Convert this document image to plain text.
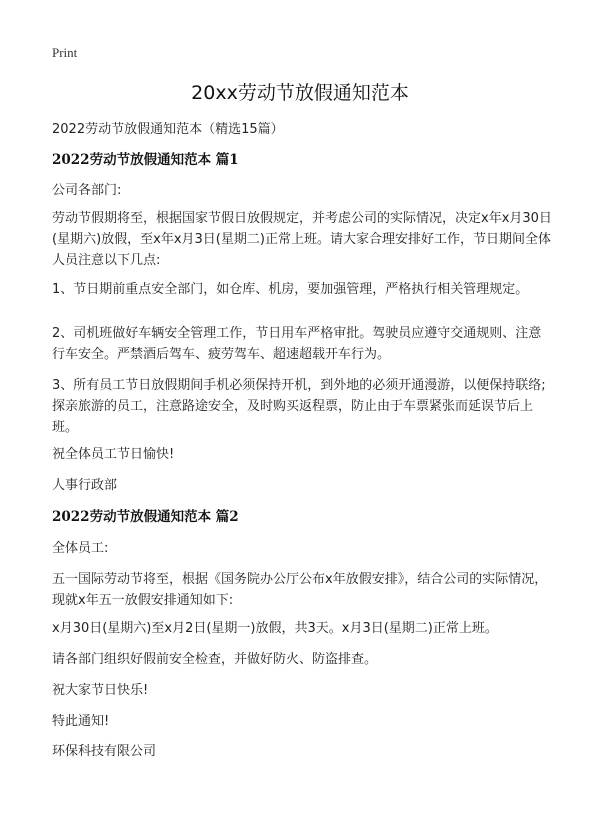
Print
20xx劳动节放假通知范本

2022劳动节放假通知范本（精选15篇）

2022劳动节放假通知范本 篇1

公司各部门:

劳动节假期将至，根据国家节假日放假规定，并考虑公司的实际情况，决定x年x月30日(星期六)放假，至x年x月3日(星期二)正常上班。请大家合理安排好工作，节日期间全体人员注意以下几点:

1、节日期前重点安全部门，如仓库、机房，要加强管理，严格执行相关管理规定。

2、司机班做好车辆安全管理工作，节日用车严格审批。驾驶员应遵守交通规则、注意行车安全。严禁酒后驾车、疲劳驾车、超速超载开车行为。

3、所有员工节日放假期间手机必须保持开机，到外地的必须开通漫游，以便保持联络;探亲旅游的员工，注意路途安全，及时购买返程票，防止由于车票紧张而延误节后上班。

祝全体员工节日愉快!

人事行政部

2022劳动节放假通知范本 篇2

全体员工:

五一国际劳动节将至，根据《国务院办公厅公布x年放假安排》，结合公司的实际情况，现就x年五一放假安排通知如下:

x月30日(星期六)至x月2日(星期一)放假，共3天。x月3日(星期二)正常上班。

请各部门组织好假前安全检查，并做好防火、防盗排查。

祝大家节日快乐!

特此通知!

环保科技有限公司
